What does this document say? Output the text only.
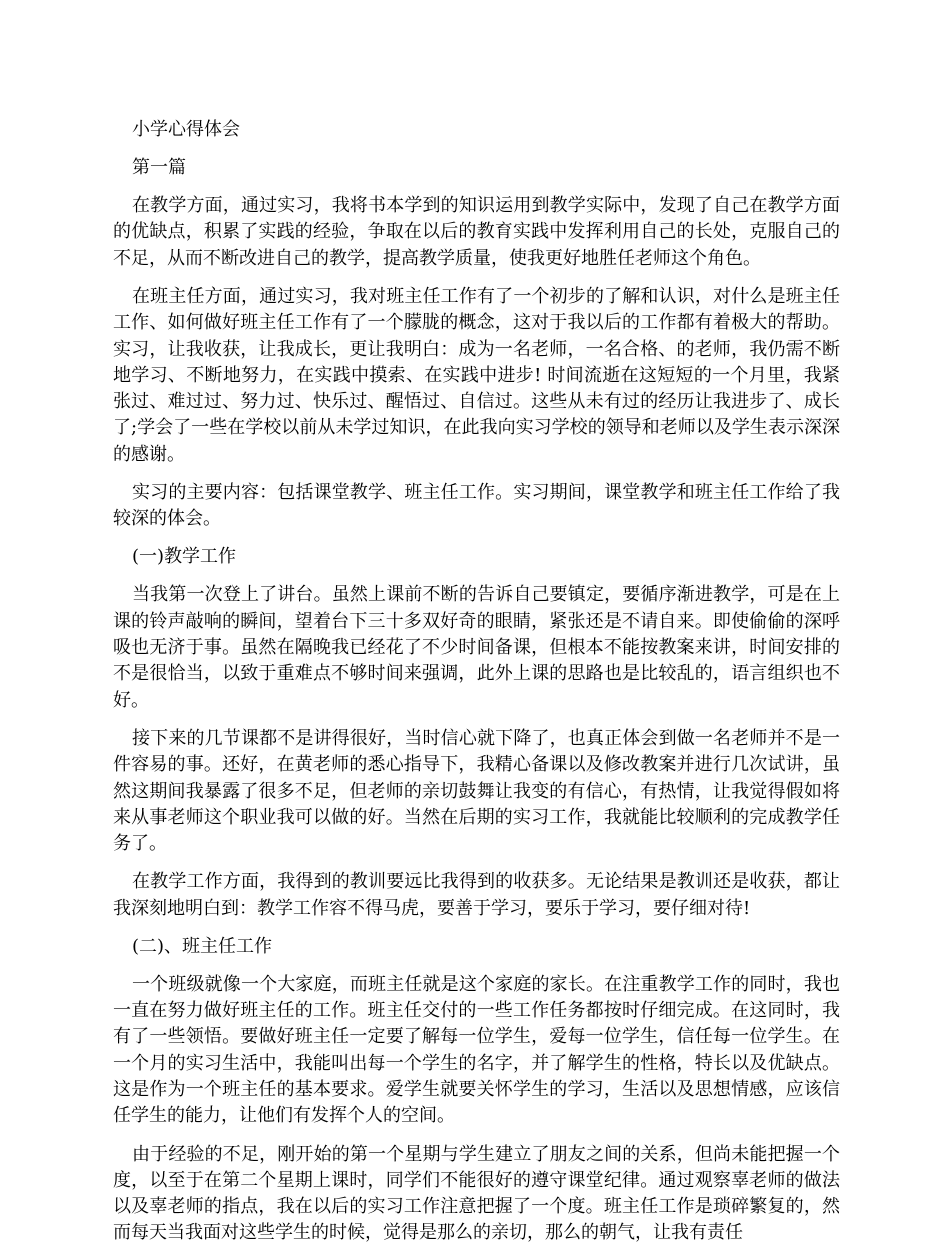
小学心得体会

第一篇

在教学方面，通过实习，我将书本学到的知识运用到教学实际中，发现了自己在教学方面的优缺点，积累了实践的经验，争取在以后的教育实践中发挥利用自己的长处，克服自己的不足，从而不断改进自己的教学，提高教学质量，使我更好地胜任老师这个角色。

在班主任方面，通过实习，我对班主任工作有了一个初步的了解和认识，对什么是班主任工作、如何做好班主任工作有了一个朦胧的概念，这对于我以后的工作都有着极大的帮助。实习，让我收获，让我成长，更让我明白：成为一名老师，一名合格、的老师，我仍需不断地学习、不断地努力，在实践中摸索、在实践中进步! 时间流逝在这短短的一个月里，我紧张过、难过过、努力过、快乐过、醒悟过、自信过。这些从未有过的经历让我进步了、成长了;学会了一些在学校以前从未学过知识，在此我向实习学校的领导和老师以及学生表示深深的感谢。

实习的主要内容：包括课堂教学、班主任工作。实习期间，课堂教学和班主任工作给了我较深的体会。

(一)教学工作

当我第一次登上了讲台。虽然上课前不断的告诉自己要镇定，要循序渐进教学，可是在上课的铃声敲响的瞬间，望着台下三十多双好奇的眼睛，紧张还是不请自来。即使偷偷的深呼吸也无济于事。虽然在隔晚我已经花了不少时间备课，但根本不能按教案来讲，时间安排的不是很恰当，以致于重难点不够时间来强调，此外上课的思路也是比较乱的，语言组织也不好。

接下来的几节课都不是讲得很好，当时信心就下降了，也真正体会到做一名老师并不是一件容易的事。还好，在黄老师的悉心指导下，我精心备课以及修改教案并进行几次试讲，虽然这期间我暴露了很多不足，但老师的亲切鼓舞让我变的有信心，有热情，让我觉得假如将来从事老师这个职业我可以做的好。当然在后期的实习工作，我就能比较顺利的完成教学任务了。

在教学工作方面，我得到的教训要远比我得到的收获多。无论结果是教训还是收获，都让我深刻地明白到：教学工作容不得马虎，要善于学习，要乐于学习，要仔细对待!

(二)、班主任工作

一个班级就像一个大家庭，而班主任就是这个家庭的家长。在注重教学工作的同时，我也一直在努力做好班主任的工作。班主任交付的一些工作任务都按时仔细完成。在这同时，我有了一些领悟。要做好班主任一定要了解每一位学生，爱每一位学生，信任每一位学生。在一个月的实习生活中，我能叫出每一个学生的名字，并了解学生的性格，特长以及优缺点。这是作为一个班主任的基本要求。爱学生就要关怀学生的学习，生活以及思想情感，应该信任学生的能力，让他们有发挥个人的空间。

由于经验的不足，刚开始的第一个星期与学生建立了朋友之间的关系，但尚未能把握一个度，以至于在第二个星期上课时，同学们不能很好的遵守课堂纪律。通过观察辜老师的做法以及辜老师的指点，我在以后的实习工作注意把握了一个度。班主任工作是琐碎繁复的，然而每天当我面对这些学生的时候，觉得是那么的亲切，那么的朝气，让我有责任
